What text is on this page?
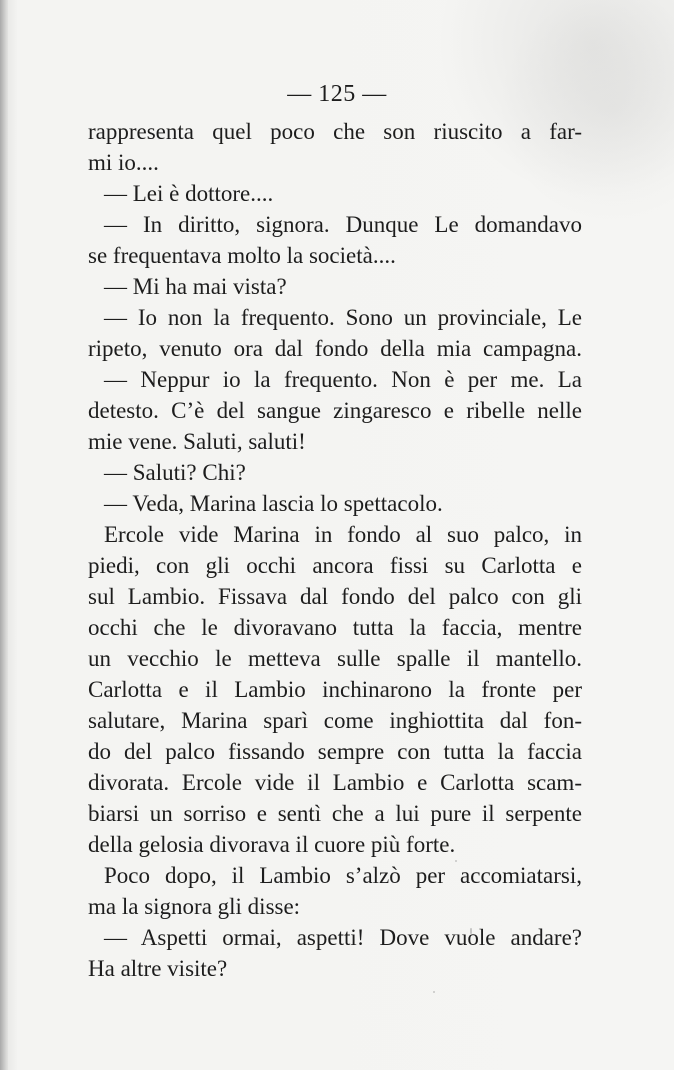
— 125 —
rappresenta quel poco che son riuscito a far-
mi io....
— Lei è dottore....
— In diritto, signora. Dunque Le domandavo
se frequentava molto la società....
— Mi ha mai vista?
— Io non la frequento. Sono un provinciale, Le
ripeto, venuto ora dal fondo della mia campagna.
— Neppur io la frequento. Non è per me. La
detesto. C’è del sangue zingaresco e ribelle nelle
mie vene. Saluti, saluti!
— Saluti? Chi?
— Veda, Marina lascia lo spettacolo.
Ercole vide Marina in fondo al suo palco, in
piedi, con gli occhi ancora fissi su Carlotta e
sul Lambio. Fissava dal fondo del palco con gli
occhi che le divoravano tutta la faccia, mentre
un vecchio le metteva sulle spalle il mantello.
Carlotta e il Lambio inchinarono la fronte per
salutare, Marina sparì come inghiottita dal fon-
do del palco fissando sempre con tutta la faccia
divorata. Ercole vide il Lambio e Carlotta scam-
biarsi un sorriso e sentì che a lui pure il serpente
della gelosia divorava il cuore più forte.
Poco dopo, il Lambio s’alzò per accomiatarsi,
ma la signora gli disse:
— Aspetti ormai, aspetti! Dove vuole andare?
Ha altre visite?
